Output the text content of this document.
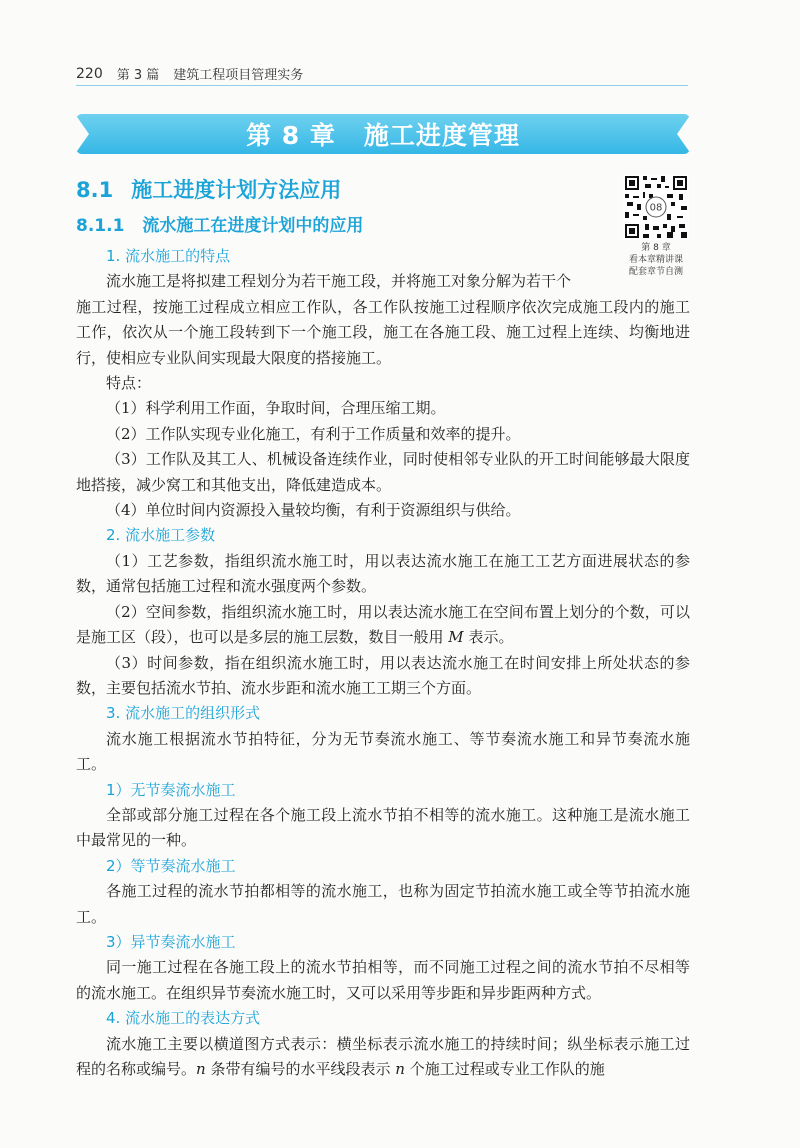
220 第 3 篇 建筑工程项目管理实务
第 8 章 施工进度管理
8.1 施工进度计划方法应用
8.1.1 流水施工在进度计划中的应用
08
第 8 章
看本章精讲课
配套章节自测
1. 流水施工的特点

流水施工是将拟建工程划分为若干施工段，并将施工对象分解为若干个

施工过程，按施工过程成立相应工作队，各工作队按施工过程顺序依次完成施工段内的施工工作，依次从一个施工段转到下一个施工段，施工在各施工段、施工过程上连续、均衡地进行，使相应专业队间实现最大限度的搭接施工。

特点：

（1）科学利用工作面，争取时间，合理压缩工期。

（2）工作队实现专业化施工，有利于工作质量和效率的提升。

（3）工作队及其工人、机械设备连续作业，同时使相邻专业队的开工时间能够最大限度地搭接，减少窝工和其他支出，降低建造成本。

（4）单位时间内资源投入量较均衡，有利于资源组织与供给。

2. 流水施工参数

（1）工艺参数，指组织流水施工时，用以表达流水施工在施工工艺方面进展状态的参数，通常包括施工过程和流水强度两个参数。

（2）空间参数，指组织流水施工时，用以表达流水施工在空间布置上划分的个数，可以是施工区（段），也可以是多层的施工层数，数目一般用 M 表示。

（3）时间参数，指在组织流水施工时，用以表达流水施工在时间安排上所处状态的参数，主要包括流水节拍、流水步距和流水施工工期三个方面。

3. 流水施工的组织形式

流水施工根据流水节拍特征，分为无节奏流水施工、等节奏流水施工和异节奏流水施工。

1）无节奏流水施工

全部或部分施工过程在各个施工段上流水节拍不相等的流水施工。这种施工是流水施工中最常见的一种。

2）等节奏流水施工

各施工过程的流水节拍都相等的流水施工，也称为固定节拍流水施工或全等节拍流水施工。

3）异节奏流水施工

同一施工过程在各施工段上的流水节拍相等，而不同施工过程之间的流水节拍不尽相等的流水施工。在组织异节奏流水施工时，又可以采用等步距和异步距两种方式。

4. 流水施工的表达方式

流水施工主要以横道图方式表示：横坐标表示流水施工的持续时间；纵坐标表示施工过程的名称或编号。n 条带有编号的水平线段表示 n 个施工过程或专业工作队的施
